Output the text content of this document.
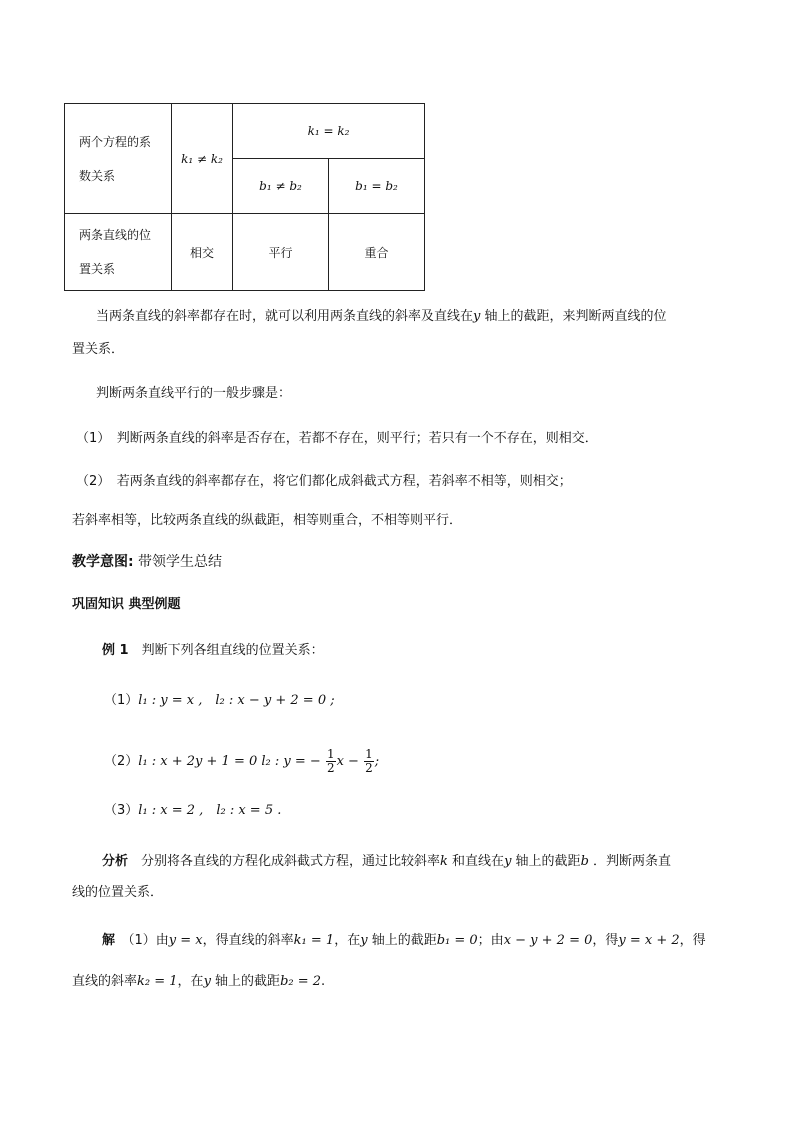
两个方程的系
数关系	k₁ ≠ k₂	k₁ = k₂	
		b₁ ≠ b₂	b₁ = b₂

两条直线的位
置关系	相交	平行	重合
当两条直线的斜率都存在时，就可以利用两条直线的斜率及直线在y 轴上的截距，来判断两直线的位
置关系．
判断两条直线平行的一般步骤是：
（1）　判断两条直线的斜率是否存在，若都不存在，则平行；若只有一个不存在，则相交．
（2）　若两条直线的斜率都存在，将它们都化成斜截式方程，若斜率不相等，则相交；
若斜率相等，比较两条直线的纵截距，相等则重合，不相等则平行．
教学意图: 带领学生总结
巩固知识 典型例题
例 1　判断下列各组直线的位置关系：
（1）l₁ : y = x ,　l₂ : x − y + 2 = 0 ;
（2）l₁ : x + 2y + 1 = 0 l₂ : y = − $\frac{1}{2}$ $x - \frac{1}{2}$ ;
（3）l₁ : x = 2 ,　l₂ : x = 5 .
分析　分别将各直线的方程化成斜截式方程，通过比较斜率k 和直线在y 轴上的截距b ．判断两条直
线的位置关系．
解　（1）由y = x，得直线的斜率k₁ = 1，在y 轴上的截距b₁ = 0；由x − y + 2 = 0，得y = x + 2，得
直线的斜率k₂ = 1，在y 轴上的截距b₂ = 2.
